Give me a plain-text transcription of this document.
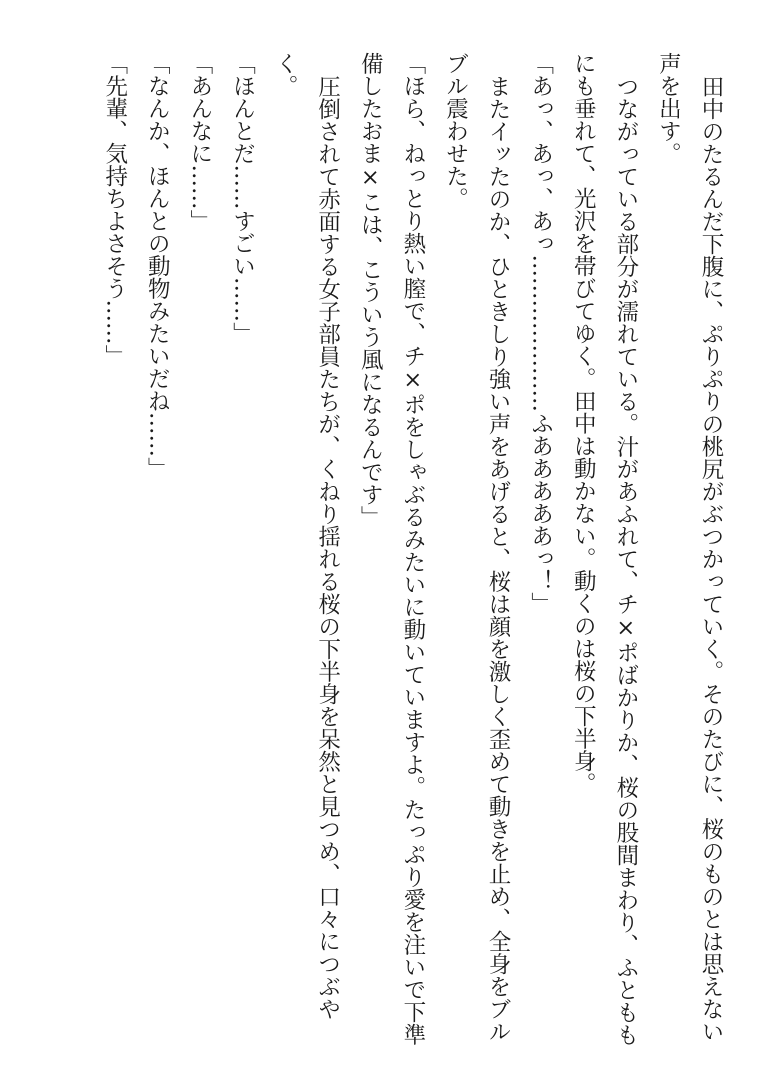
田中のたるんだ下腹に、ぷりぷりの桃尻がぶつかっていく。そのたびに、桜のものとは思えない声を出す。

つながっている部分が濡れている。汁があふれて、チ×ポばかりか、桜の股間まわり、ふとももにも垂れて、光沢を帯びてゆく。田中は動かない。動くのは桜の下半身。

「あっ、あっ、あっ…………………ふあああああっ！」

またイッたのか、ひときしり強い声をあげると、桜は顔を激しく歪めて動きを止め、全身をブルブル震わせた。

「ほら、ねっとり熱い膣で、チ×ポをしゃぶるみたいに動いていますよ。たっぷり愛を注いで下準備したおま×こは、こういう風になるんです」

圧倒されて赤面する女子部員たちが、くねり揺れる桜の下半身を呆然と見つめ、口々につぶやく。

「ほんとだ……すごい……」

「あんなに……」

「なんか、ほんとの動物みたいだね……」

「先輩、気持ちよさそう……」
